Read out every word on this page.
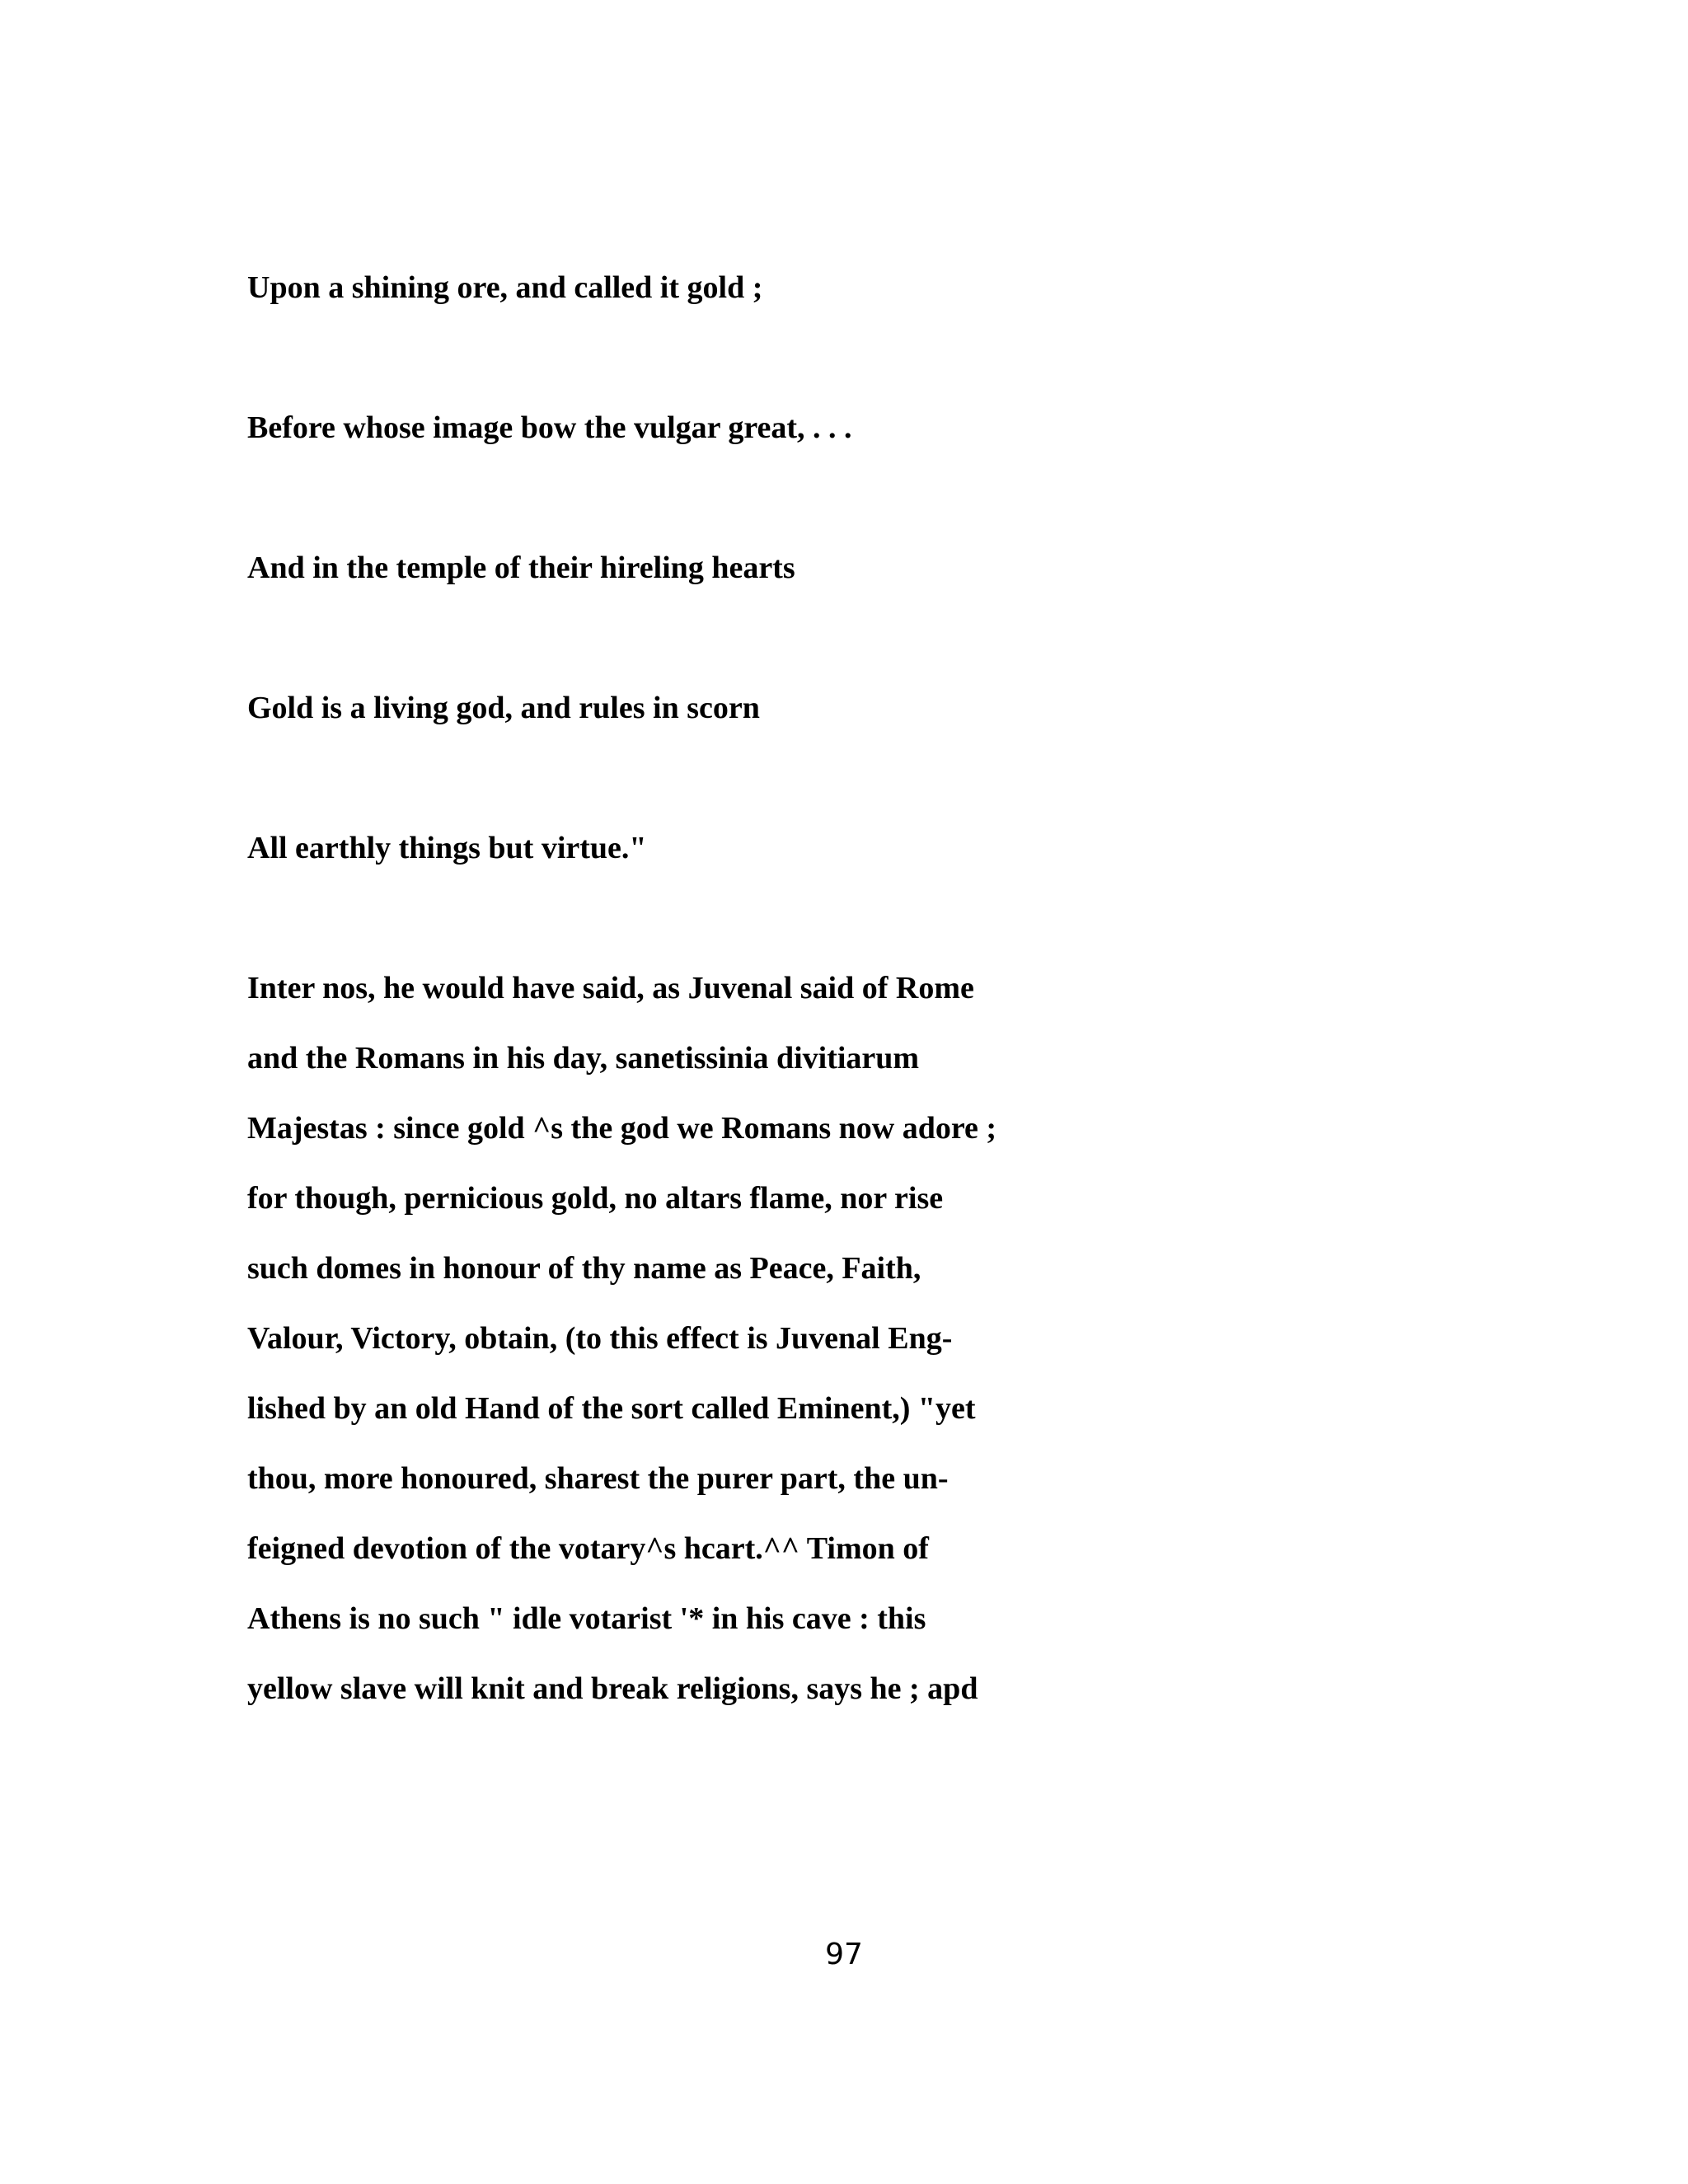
Upon a shining ore, and called it gold ;

Before whose image bow the vulgar great, . . .

And in the temple of their hireling hearts

Gold is a living god, and rules in scorn

All earthly things but virtue."

Inter nos, he would have said, as Juvenal said of Rome

and the Romans in his day, sanetissinia divitiarum

Majestas : since gold ^s the god we Romans now adore ;

for though, pernicious gold, no altars flame, nor rise

such domes in honour of thy name as Peace, Faith,

Valour, Victory, obtain, (to this effect is Juvenal Eng-

lished by an old Hand of the sort called Eminent,) "yet

thou, more honoured, sharest the purer part, the un-

feigned devotion of the votary^s hcart.^^ Timon of

Athens is no such " idle votarist '* in his cave : this

yellow slave will knit and break religions, says he ; apd

97
